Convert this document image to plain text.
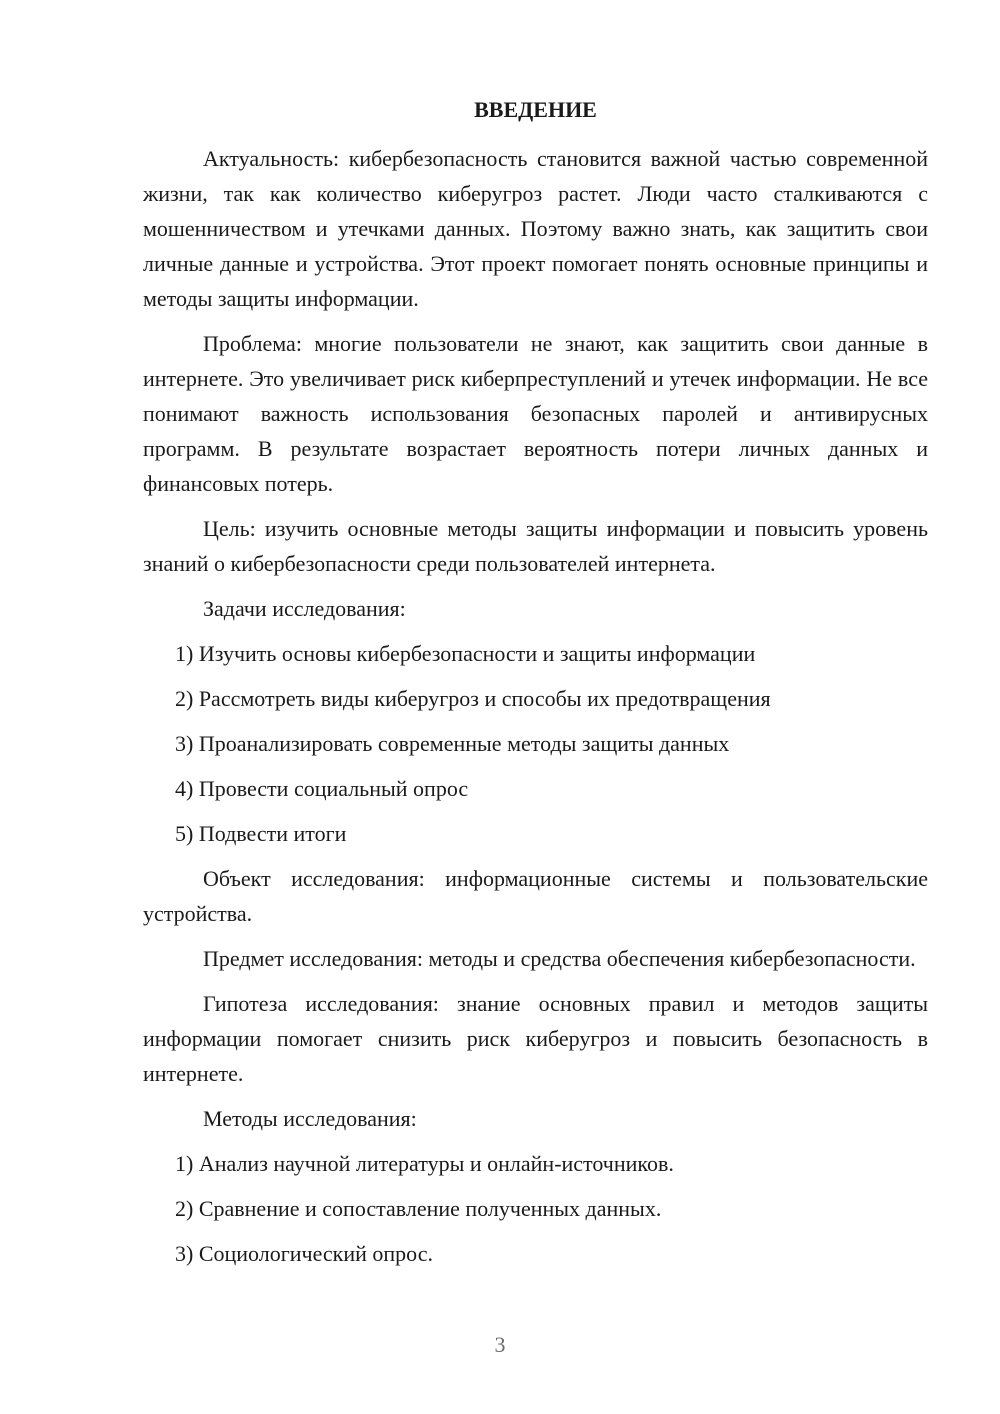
ВВЕДЕНИЕ

Актуальность: кибербезопасность становится важной частью современной жизни, так как количество киберугроз растет. Люди часто сталкиваются с мошенничеством и утечками данных. Поэтому важно знать, как защитить свои личные данные и устройства. Этот проект помогает понять основные принципы и методы защиты информации.

Проблема: многие пользователи не знают, как защитить свои данные в интернете. Это увеличивает риск киберпреступлений и утечек информации. Не все понимают важность использования безопасных паролей и антивирусных программ. В результате возрастает вероятность потери личных данных и финансовых потерь.

Цель: изучить основные методы защиты информации и повысить уровень знаний о кибербезопасности среди пользователей интернета.

Задачи исследования:

1) Изучить основы кибербезопасности и защиты информации

2) Рассмотреть виды киберугроз и способы их предотвращения

3) Проанализировать современные методы защиты данных

4) Провести социальный опрос

5) Подвести итоги

Объект исследования: информационные системы и пользовательские устройства.

Предмет исследования: методы и средства обеспечения кибербезопасности.

Гипотеза исследования: знание основных правил и методов защиты информации помогает снизить риск киберугроз и повысить безопасность в интернете.

Методы исследования:

1) Анализ научной литературы и онлайн-источников.

2) Сравнение и сопоставление полученных данных.

3) Социологический опрос.

3
